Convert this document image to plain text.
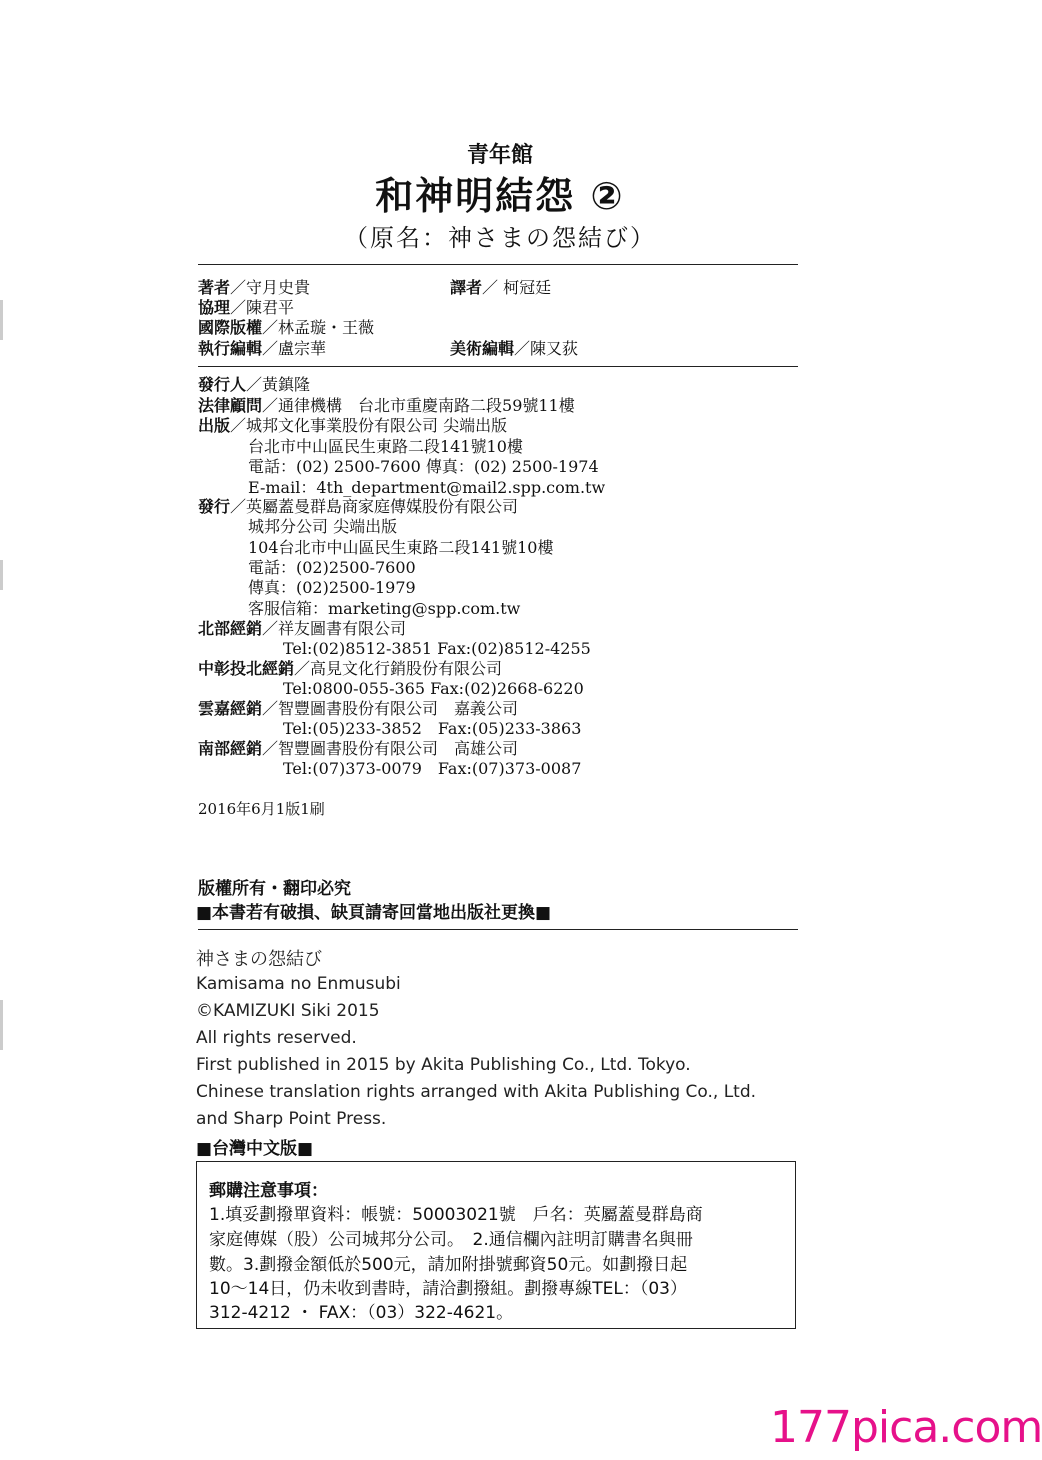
青年館
和神明結怨 ②
（原名：神さまの怨結び）
著者／守月史貴	譯者／ 柯冠廷
協理／陳君平
國際版權／林孟璇・王薇
執行編輯／盧宗華	美術編輯／陳又荻
發行人／黃鎮隆
法律顧問／通律機構　台北市重慶南路二段59號11樓
出版／城邦文化事業股份有限公司 尖端出版
台北市中山區民生東路二段141號10樓
電話：(02) 2500-7600 傳真：(02) 2500-1974
E-mail：4th_department@mail2.spp.com.tw
發行／英屬蓋曼群島商家庭傳媒股份有限公司
城邦分公司 尖端出版
104台北市中山區民生東路二段141號10樓
電話：(02)2500-7600
傳真：(02)2500-1979
客服信箱：marketing@spp.com.tw
北部經銷／祥友圖書有限公司
Tel:(02)8512-3851 Fax:(02)8512-4255
中彰投北經銷／高見文化行銷股份有限公司
Tel:0800-055-365 Fax:(02)2668-6220
雲嘉經銷／智豐圖書股份有限公司　嘉義公司
Tel:(05)233-3852　Fax:(05)233-3863
南部經銷／智豐圖書股份有限公司　高雄公司
Tel:(07)373-0079　Fax:(07)373-0087
2016年6月1版1刷
版權所有・翻印必究
■本書若有破損、缺頁請寄回當地出版社更換■
神さまの怨結び
Kamisama no Enmusubi
©KAMIZUKI Siki 2015
All rights reserved.
First published in 2015 by Akita Publishing Co., Ltd. Tokyo.
Chinese translation rights arranged with Akita Publishing Co., Ltd.
and Sharp Point Press.
■台灣中文版■
郵購注意事項：
1.填妥劃撥單資料：帳號：50003021號　戶名：英屬蓋曼群島商
家庭傳媒（股）公司城邦分公司。　2.通信欄內註明訂購書名與冊
數。3.劃撥金額低於500元，請加附掛號郵資50元。如劃撥日起
10～14日，仍未收到書時，請洽劃撥組。劃撥專線TEL：（03）
312-4212 ・ FAX：（03）322-4621。
177pica.com
